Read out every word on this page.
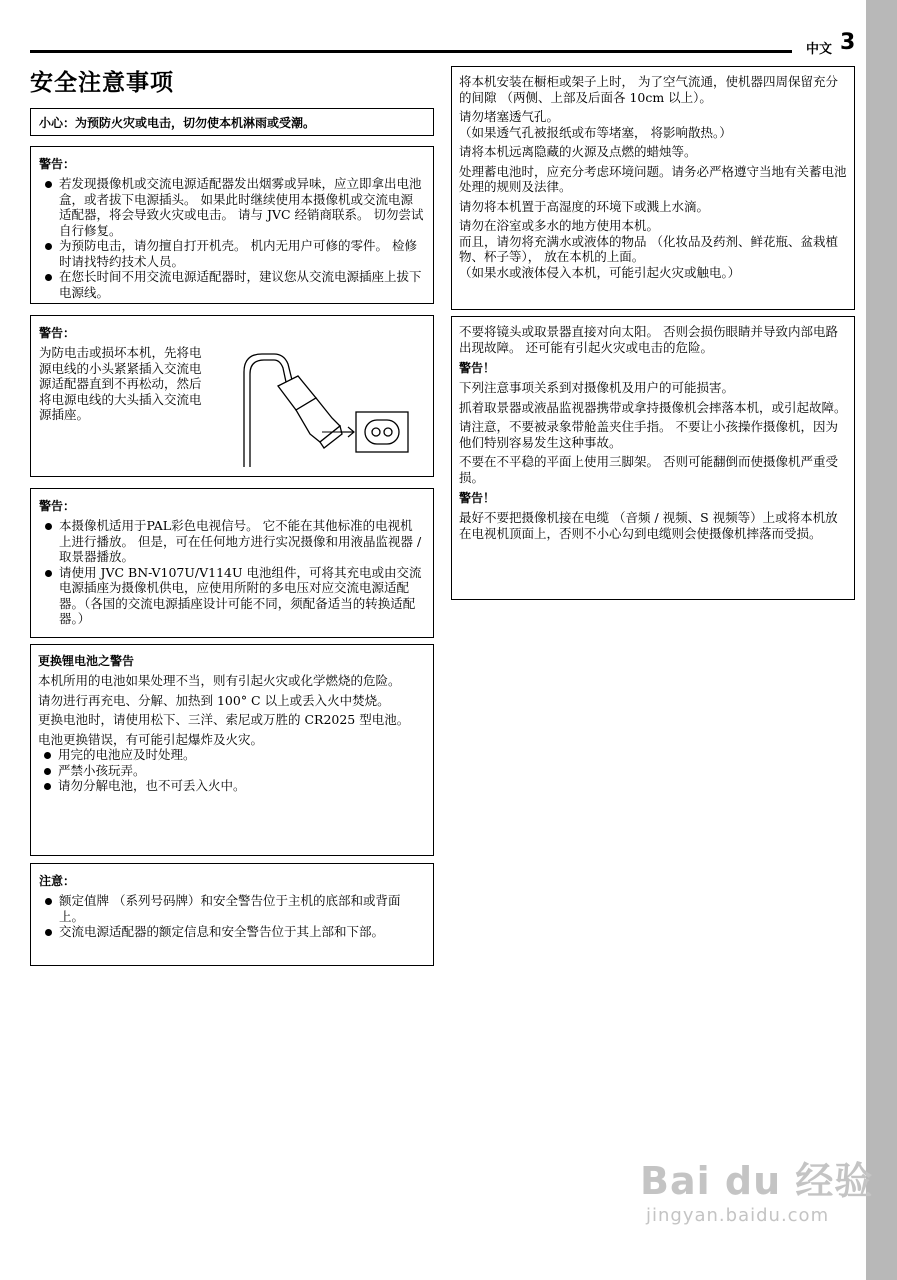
中文 3
安全注意事项
小心：为预防火灾或电击，切勿使本机淋雨或受潮。
警告：
若发现摄像机或交流电源适配器发出烟雾或异味，应立即拿出电池盒，或者拔下电源插头。 如果此时继续使用本摄像机或交流电源适配器，将会导致火灾或电击。 请与 JVC 经销商联系。 切勿尝试自行修复。
为预防电击，请勿擅自打开机壳。 机内无用户可修的零件。 检修时请找特约技术人员。
在您长时间不用交流电源适配器时，建议您从交流电源插座上拔下电源线。
警告：
为防电击或损坏本机，先将电源电线的小头紧紧插入交流电源适配器直到不再松动，然后将电源电线的大头插入交流电源插座。
警告：
本摄像机适用于PAL彩色电视信号。 它不能在其他标准的电视机上进行播放。 但是，可在任何地方进行实况摄像和用液晶监视器 / 取景器播放。
请使用 JVC BN-V107U/V114U 电池组件，可将其充电或由交流电源插座为摄像机供电，应使用所附的多电压对应交流电源适配器。（各国的交流电源插座设计可能不同，须配备适当的转换适配器。）
更换锂电池之警告

本机所用的电池如果处理不当，则有引起火灾或化学燃烧的危险。

请勿进行再充电、分解、加热到 100° C 以上或丢入火中焚烧。

更换电池时，请使用松下、三洋、索尼或万胜的 CR2025 型电池。

电池更换错误，有可能引起爆炸及火灾。

用完的电池应及时处理。
严禁小孩玩弄。
请勿分解电池，也不可丢入火中。
注意：
额定值牌 （系列号码牌）和安全警告位于主机的底部和或背面上。
交流电源适配器的额定信息和安全警告位于其上部和下部。

将本机安装在橱柜或架子上时， 为了空气流通，使机器四周保留充分的间隙 （两侧、上部及后面各 10cm 以上）。

请勿堵塞透气孔。
（如果透气孔被报纸或布等堵塞， 将影响散热。）

请将本机远离隐藏的火源及点燃的蜡烛等。

处理蓄电池时，应充分考虑环境问题。请务必严格遵守当地有关蓄电池处理的规则及法律。

请勿将本机置于高湿度的环境下或溅上水滴。

请勿在浴室或多水的地方使用本机。
而且，请勿将充满水或液体的物品 （化妆品及药剂、鲜花瓶、盆栽植物、杯子等）， 放在本机的上面。
（如果水或液体侵入本机，可能引起火灾或触电。）

不要将镜头或取景器直接对向太阳。 否则会损伤眼睛并导致内部电路出现故障。 还可能有引起火灾或电击的危险。

警告！

下列注意事项关系到对摄像机及用户的可能损害。

抓着取景器或液晶监视器携带或拿持摄像机会摔落本机，或引起故障。

请注意，不要被录象带舱盖夹住手指。 不要让小孩操作摄像机，因为他们特别容易发生这种事故。

不要在不平稳的平面上使用三脚架。 否则可能翻倒而使摄像机严重受损。

警告！

最好不要把摄像机接在电缆 （音频 / 视频、S 视频等）上或将本机放在电视机顶面上，否则不小心勾到电缆则会使摄像机摔落而受损。

Bai du 经验
jingyan.baidu.com
